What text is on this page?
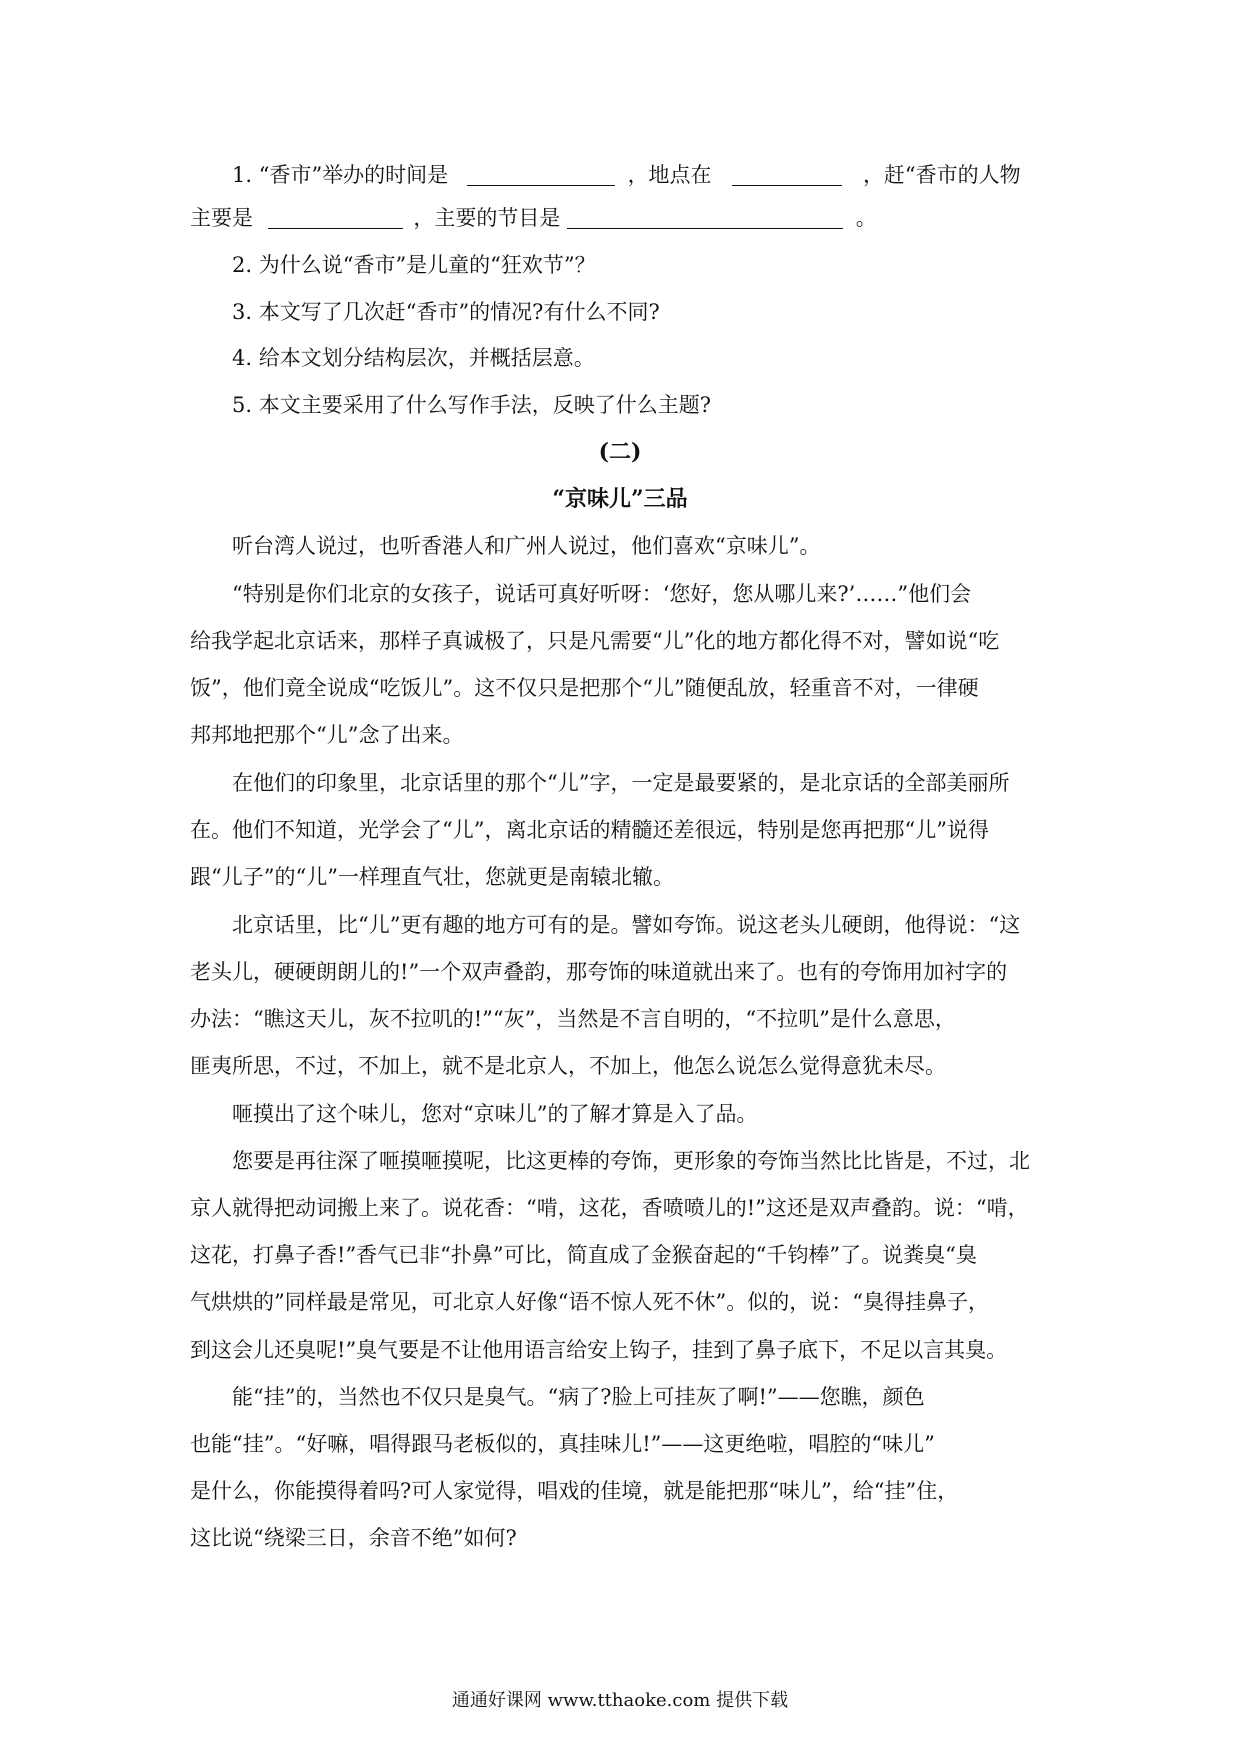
1. “香市”举办的时间是	，地点在	，赶“香市的人物
主要是	，主要的节目是	。
2. 为什么说“香市”是儿童的“狂欢节”？
3. 本文写了几次赶“香市”的情况?有什么不同?
4. 给本文划分结构层次，并概括层意。
5. 本文主要采用了什么写作手法，反映了什么主题?
(二)
“京味儿”三品
听台湾人说过，也听香港人和广州人说过，他们喜欢“京味儿”。
“特别是你们北京的女孩子，说话可真好听呀：‘您好，您从哪儿来?’……”他们会
给我学起北京话来，那样子真诚极了，只是凡需要“儿”化的地方都化得不对，譬如说“吃
饭”，他们竟全说成“吃饭儿”。这不仅只是把那个“儿”随便乱放，轻重音不对，一律硬
邦邦地把那个“儿”念了出来。
在他们的印象里，北京话里的那个“儿”字，一定是最要紧的，是北京话的全部美丽所
在。他们不知道，光学会了“儿”，离北京话的精髓还差很远，特别是您再把那“儿”说得
跟“儿子”的“儿”一样理直气壮，您就更是南辕北辙。
北京话里，比“儿”更有趣的地方可有的是。譬如夸饰。说这老头儿硬朗，他得说：“这
老头儿，硬硬朗朗儿的!”一个双声叠韵，那夸饰的味道就出来了。也有的夸饰用加衬字的
办法：“瞧这天儿，灰不拉叽的!”“灰”，当然是不言自明的，“不拉叽”是什么意思，
匪夷所思，不过，不加上，就不是北京人，不加上，他怎么说怎么觉得意犹未尽。
咂摸出了这个味儿，您对“京味儿”的了解才算是入了品。
您要是再往深了咂摸咂摸呢，比这更棒的夸饰，更形象的夸饰当然比比皆是，不过，北
京人就得把动词搬上来了。说花香：“啃，这花，香喷喷儿的!”这还是双声叠韵。说：“啃，
这花，打鼻子香!”香气已非“扑鼻”可比，简直成了金猴奋起的“千钧棒”了。说粪臭“臭
气烘烘的”同样最是常见，可北京人好像“语不惊人死不休”。似的，说：“臭得挂鼻子，
到这会儿还臭呢!”臭气要是不让他用语言给安上钩子，挂到了鼻子底下，不足以言其臭。
能“挂”的，当然也不仅只是臭气。“病了?脸上可挂灰了啊!”——您瞧，颜色
也能“挂”。“好嘛，唱得跟马老板似的，真挂味儿!”——这更绝啦，唱腔的“味儿”
是什么，你能摸得着吗?可人家觉得，唱戏的佳境，就是能把那“味儿”，给“挂”住，
这比说“绕梁三日，余音不绝”如何?
通通好课网 www.tthaoke.com 提供下载
